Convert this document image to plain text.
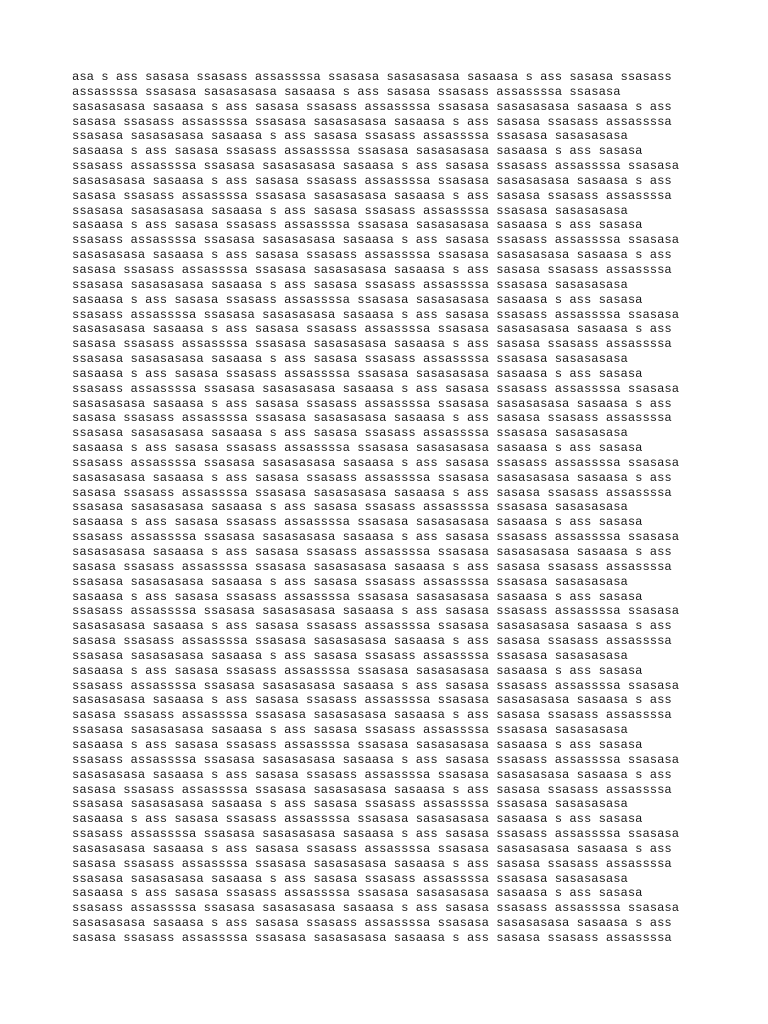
asa s ass sasasa ssasass assassssa ssasasa sasasasasa sasaasa s ass sasasa ssasass
assassssa ssasasa sasasasasa sasaasa s ass sasasa ssasass assassssa ssasasa
sasasasasa sasaasa s ass sasasa ssasass assassssa ssasasa sasasasasa sasaasa s ass
sasasa ssasass assassssa ssasasa sasasasasa sasaasa s ass sasasa ssasass assassssa
ssasasa sasasasasa sasaasa s ass sasasa ssasass assassssa ssasasa sasasasasa
sasaasa s ass sasasa ssasass assassssa ssasasa sasasasasa sasaasa s ass sasasa
ssasass assassssa ssasasa sasasasasa sasaasa s ass sasasa ssasass assassssa ssasasa
sasasasasa sasaasa s ass sasasa ssasass assassssa ssasasa sasasasasa sasaasa s ass
sasasa ssasass assassssa ssasasa sasasasasa sasaasa s ass sasasa ssasass assassssa
ssasasa sasasasasa sasaasa s ass sasasa ssasass assassssa ssasasa sasasasasa
sasaasa s ass sasasa ssasass assassssa ssasasa sasasasasa sasaasa s ass sasasa
ssasass assassssa ssasasa sasasasasa sasaasa s ass sasasa ssasass assassssa ssasasa
sasasasasa sasaasa s ass sasasa ssasass assassssa ssasasa sasasasasa sasaasa s ass
sasasa ssasass assassssa ssasasa sasasasasa sasaasa s ass sasasa ssasass assassssa
ssasasa sasasasasa sasaasa s ass sasasa ssasass assassssa ssasasa sasasasasa
sasaasa s ass sasasa ssasass assassssa ssasasa sasasasasa sasaasa s ass sasasa
ssasass assassssa ssasasa sasasasasa sasaasa s ass sasasa ssasass assassssa ssasasa
sasasasasa sasaasa s ass sasasa ssasass assassssa ssasasa sasasasasa sasaasa s ass
sasasa ssasass assassssa ssasasa sasasasasa sasaasa s ass sasasa ssasass assassssa
ssasasa sasasasasa sasaasa s ass sasasa ssasass assassssa ssasasa sasasasasa
sasaasa s ass sasasa ssasass assassssa ssasasa sasasasasa sasaasa s ass sasasa
ssasass assassssa ssasasa sasasasasa sasaasa s ass sasasa ssasass assassssa ssasasa
sasasasasa sasaasa s ass sasasa ssasass assassssa ssasasa sasasasasa sasaasa s ass
sasasa ssasass assassssa ssasasa sasasasasa sasaasa s ass sasasa ssasass assassssa
ssasasa sasasasasa sasaasa s ass sasasa ssasass assassssa ssasasa sasasasasa
sasaasa s ass sasasa ssasass assassssa ssasasa sasasasasa sasaasa s ass sasasa
ssasass assassssa ssasasa sasasasasa sasaasa s ass sasasa ssasass assassssa ssasasa
sasasasasa sasaasa s ass sasasa ssasass assassssa ssasasa sasasasasa sasaasa s ass
sasasa ssasass assassssa ssasasa sasasasasa sasaasa s ass sasasa ssasass assassssa
ssasasa sasasasasa sasaasa s ass sasasa ssasass assassssa ssasasa sasasasasa
sasaasa s ass sasasa ssasass assassssa ssasasa sasasasasa sasaasa s ass sasasa
ssasass assassssa ssasasa sasasasasa sasaasa s ass sasasa ssasass assassssa ssasasa
sasasasasa sasaasa s ass sasasa ssasass assassssa ssasasa sasasasasa sasaasa s ass
sasasa ssasass assassssa ssasasa sasasasasa sasaasa s ass sasasa ssasass assassssa
ssasasa sasasasasa sasaasa s ass sasasa ssasass assassssa ssasasa sasasasasa
sasaasa s ass sasasa ssasass assassssa ssasasa sasasasasa sasaasa s ass sasasa
ssasass assassssa ssasasa sasasasasa sasaasa s ass sasasa ssasass assassssa ssasasa
sasasasasa sasaasa s ass sasasa ssasass assassssa ssasasa sasasasasa sasaasa s ass
sasasa ssasass assassssa ssasasa sasasasasa sasaasa s ass sasasa ssasass assassssa
ssasasa sasasasasa sasaasa s ass sasasa ssasass assassssa ssasasa sasasasasa
sasaasa s ass sasasa ssasass assassssa ssasasa sasasasasa sasaasa s ass sasasa
ssasass assassssa ssasasa sasasasasa sasaasa s ass sasasa ssasass assassssa ssasasa
sasasasasa sasaasa s ass sasasa ssasass assassssa ssasasa sasasasasa sasaasa s ass
sasasa ssasass assassssa ssasasa sasasasasa sasaasa s ass sasasa ssasass assassssa
ssasasa sasasasasa sasaasa s ass sasasa ssasass assassssa ssasasa sasasasasa
sasaasa s ass sasasa ssasass assassssa ssasasa sasasasasa sasaasa s ass sasasa
ssasass assassssa ssasasa sasasasasa sasaasa s ass sasasa ssasass assassssa ssasasa
sasasasasa sasaasa s ass sasasa ssasass assassssa ssasasa sasasasasa sasaasa s ass
sasasa ssasass assassssa ssasasa sasasasasa sasaasa s ass sasasa ssasass assassssa
ssasasa sasasasasa sasaasa s ass sasasa ssasass assassssa ssasasa sasasasasa
sasaasa s ass sasasa ssasass assassssa ssasasa sasasasasa sasaasa s ass sasasa
ssasass assassssa ssasasa sasasasasa sasaasa s ass sasasa ssasass assassssa ssasasa
sasasasasa sasaasa s ass sasasa ssasass assassssa ssasasa sasasasasa sasaasa s ass
sasasa ssasass assassssa ssasasa sasasasasa sasaasa s ass sasasa ssasass assassssa
ssasasa sasasasasa sasaasa s ass sasasa ssasass assassssa ssasasa sasasasasa
sasaasa s ass sasasa ssasass assassssa ssasasa sasasasasa sasaasa s ass sasasa
ssasass assassssa ssasasa sasasasasa sasaasa s ass sasasa ssasass assassssa ssasasa
sasasasasa sasaasa s ass sasasa ssasass assassssa ssasasa sasasasasa sasaasa s ass
sasasa ssasass assassssa ssasasa sasasasasa sasaasa s ass sasasa ssasass assassssa
